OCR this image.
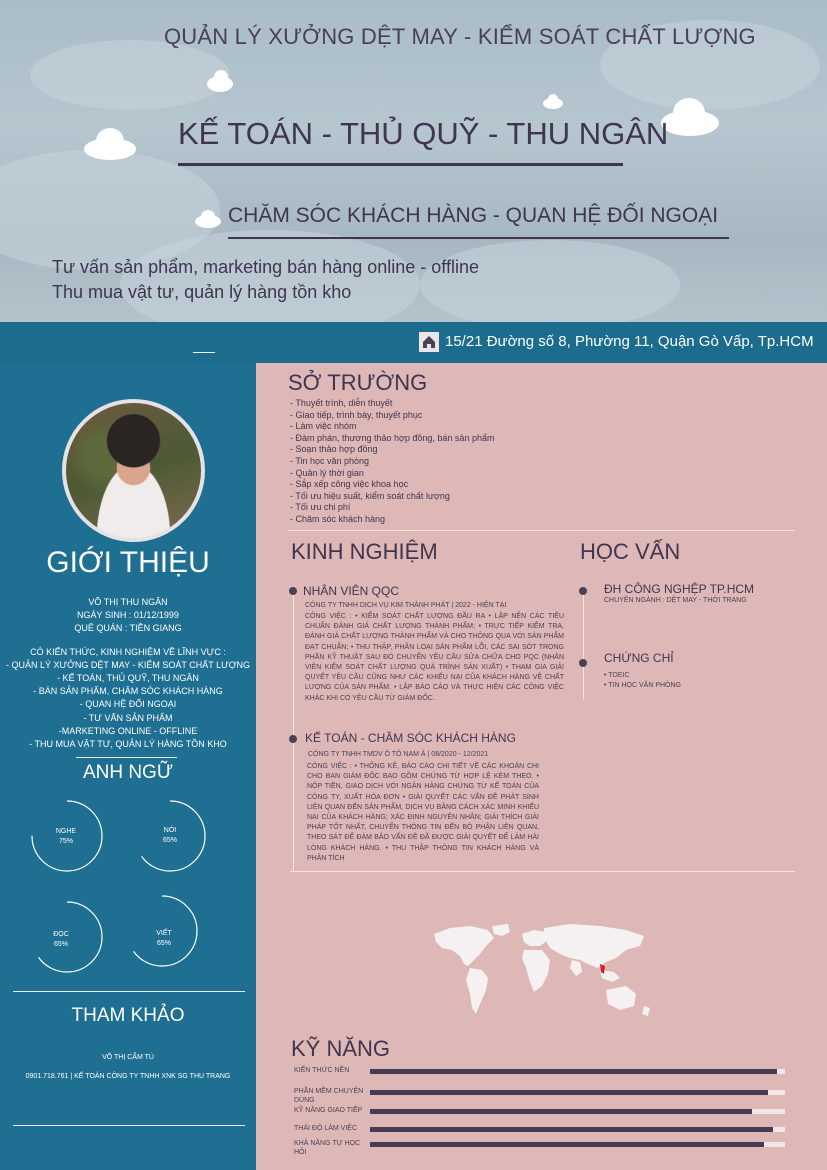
QUẢN LÝ XƯỞNG DỆT MAY - KIỂM SOÁT CHẤT LƯỢNG
KẾ TOÁN - THỦ QUỸ - THU NGÂN
CHĂM SÓC KHÁCH HÀNG - QUAN HỆ ĐỐI NGOẠI
Tư vấn sản phẩm, marketing bán hàng online - offline
Thu mua vật tư, quản lý hàng tồn kho
15/21 Đường số 8, Phường 11, Quận Gò Vấp, Tp.HCM
GIỚI THIỆU
VÕ THỊ THU NGÂN
NGÀY SINH : 01/12/1999
QUÊ QUÁN : TIỀN GIANG
CÓ KIẾN THỨC, KINH NGHIỆM VỀ LĨNH VỰC :
- QUẢN LÝ XƯỞNG DỆT MAY - KIỂM SOÁT CHẤT LƯỢNG
- KẾ TOÁN, THỦ QUỸ, THU NGÂN
- BÁN SẢN PHẨM, CHĂM SÓC KHÁCH HÀNG
- QUAN HỆ ĐỐI NGOẠI
- TƯ VẤN SẢN PHẨM
-MARKETING ONLINE - OFFLINE
- THU MUA VẬT TƯ, QUẢN LÝ HÀNG TỒN KHO
ANH NGỮ
NGHE
75%
NÓI
65%
ĐỌC
65%
VIẾT
65%
THAM KHẢO
VÕ THỊ CẨM TÚ
0901.718.761 | KẾ TOÁN CÔNG TY TNHH XNK SG THU TRANG
SỞ TRƯỜNG
- Thuyết trình, diễn thuyết
- Giao tiếp, trình bày, thuyết phục
- Làm việc nhóm
- Đàm phán, thương thảo hợp đồng, bán sản phẩm
- Soạn thảo hợp đồng
- Tin học văn phòng
- Quản lý thời gian
- Sắp xếp công việc khoa học
- Tối ưu hiệu suất, kiểm soát chất lượng
- Tối ưu chi phí
- Chăm sóc khách hàng
KINH NGHIỆM
NHÂN VIÊN QQC
CÔNG TY TNHH DỊCH VỤ KIM THÀNH PHÁT | 2022 - HIỆN TẠI
CÔNG VIỆC : • KIỂM SOÁT CHẤT LƯỢNG ĐẦU RA • LẬP NÊN CÁC TIÊU CHUẨN ĐÁNH GIÁ CHẤT LƯỢNG THÀNH PHẨM; • TRỰC TIẾP KIỂM TRA, ĐÁNH GIÁ CHẤT LƯỢNG THÀNH PHẨM VÀ CHO THÔNG QUA VỚI SẢN PHẨM ĐẠT CHUẨN; • THU THẬP, PHÂN LOẠI SẢN PHẨM LỖI, CÁC SAI SÓT TRONG PHẦN KỸ THUẬT SAU ĐÓ CHUYỂN YÊU CẦU SỬA CHỮA CHO PQC (NHÂN VIÊN KIỂM SOÁT CHẤT LƯỢNG QUÁ TRÌNH SẢN XUẤT) • THAM GIA GIẢI QUYẾT YÊU CẦU CŨNG NHƯ CÁC KHIẾU NẠI CỦA KHÁCH HÀNG VỀ CHẤT LƯỢNG CỦA SẢN PHẨM. • LẬP BÁO CÁO VÀ THỰC HIỆN CÁC CÔNG VIỆC KHÁC KHI CÓ YÊU CẦU TỪ GIÁM ĐỐC.
KẾ TOÁN - CHĂM SÓC KHÁCH HÀNG
CÔNG TY TNHH TMDV Ô TÔ NAM Á | 08/2020 - 12/2021
CÔNG VIỆC : • THỐNG KÊ, BÁO CÁO CHI TIẾT VỀ CÁC KHOẢN CHI CHO BAN GIÁM ĐỐC BAO GỒM CHỨNG TỪ HỢP LỆ KÈM THEO. • NỘP TIỀN, GIAO DỊCH VỚI NGÂN HÀNG CHỨNG TỪ KẾ TOÁN CỦA CÔNG TY, XUẤT HÓA ĐƠN • GIẢI QUYẾT CÁC VẤN ĐỀ PHÁT SINH LIÊN QUAN ĐẾN SẢN PHẨM, DỊCH VỤ BẰNG CÁCH XÁC MINH KHIẾU NẠI CỦA KHÁCH HÀNG; XÁC ĐỊNH NGUYÊN NHÂN; GIẢI THÍCH GIẢI PHÁP TỐT NHẤT, CHUYỂN THÔNG TIN ĐẾN BỘ PHẬN LIÊN QUAN, THEO SÁT ĐỂ ĐẢM BẢO VẤN ĐỀ ĐÃ ĐƯỢC GIẢI QUYẾT ĐỂ LÀM HÀI LÒNG KHÁCH HÀNG. • THU THẬP THÔNG TIN KHÁCH HÀNG VÀ PHÂN TÍCH
HỌC VẤN
ĐH CÔNG NGHỆP TP.HCM
CHUYÊN NGÀNH : DỆT MAY - THỜI TRANG
CHỨNG CHỈ
• TOEIC
• TIN HỌC VĂN PHÒNG
KỸ NĂNG
KIẾN THỨC NỀN
PHẦN MỀM CHUYÊN DÙNG
KỸ NĂNG GIAO TIẾP
THÁI ĐỘ LÀM VIỆC
KHẢ NĂNG TỰ HỌC HỎI
